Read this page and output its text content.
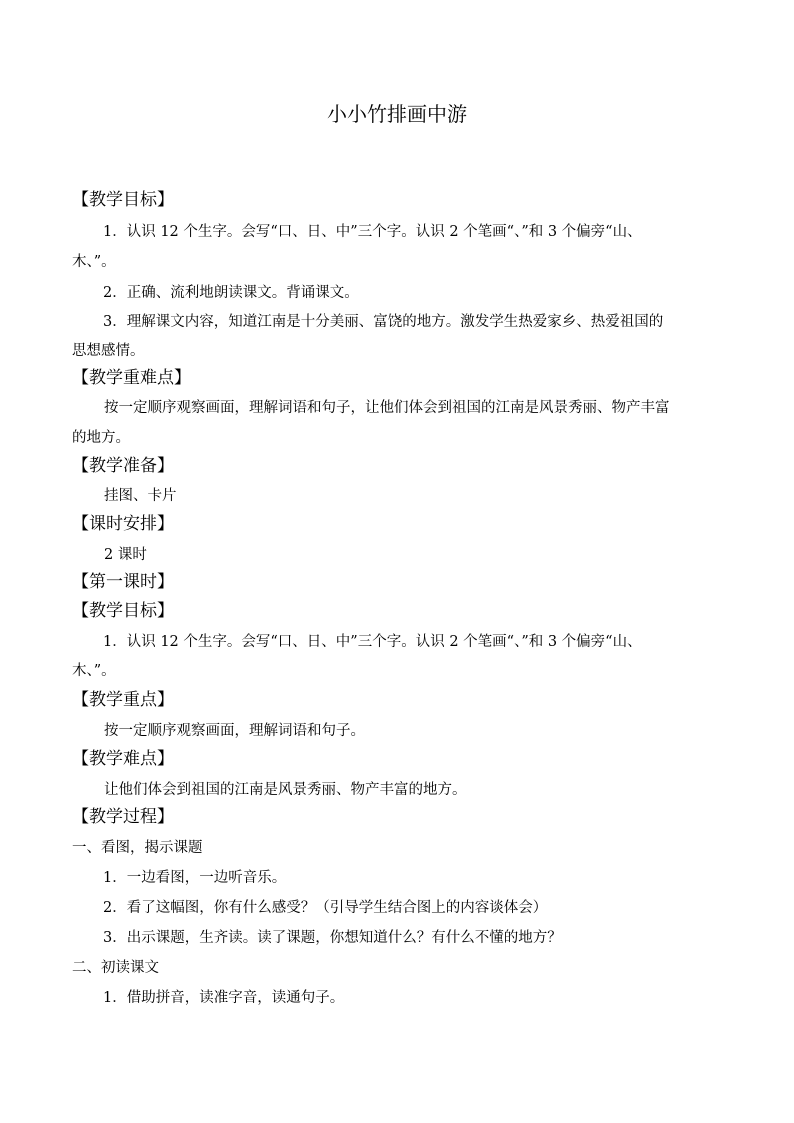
小小竹排画中游
【教学目标】
1．认识 12 个生字。会写“口、日、中”三个字。认识 2 个笔画“、”和 3 个偏旁“山、
木、”。
2．正确、流利地朗读课文。背诵课文。
3．理解课文内容，知道江南是十分美丽、富饶的地方。激发学生热爱家乡、热爱祖国的
思想感情。
【教学重难点】
按一定顺序观察画面，理解词语和句子，让他们体会到祖国的江南是风景秀丽、物产丰富
的地方。
【教学准备】
挂图、卡片
【课时安排】
2 课时
【第一课时】
【教学目标】
1．认识 12 个生字。会写“口、日、中”三个字。认识 2 个笔画“、”和 3 个偏旁“山、
木、”。
【教学重点】
按一定顺序观察画面，理解词语和句子。
【教学难点】
让他们体会到祖国的江南是风景秀丽、物产丰富的地方。
【教学过程】
一、看图，揭示课题
1．一边看图，一边听音乐。
2．看了这幅图，你有什么感受？（引导学生结合图上的内容谈体会）
3．出示课题，生齐读。读了课题，你想知道什么？有什么不懂的地方？
二、初读课文
1．借助拼音，读准字音，读通句子。
